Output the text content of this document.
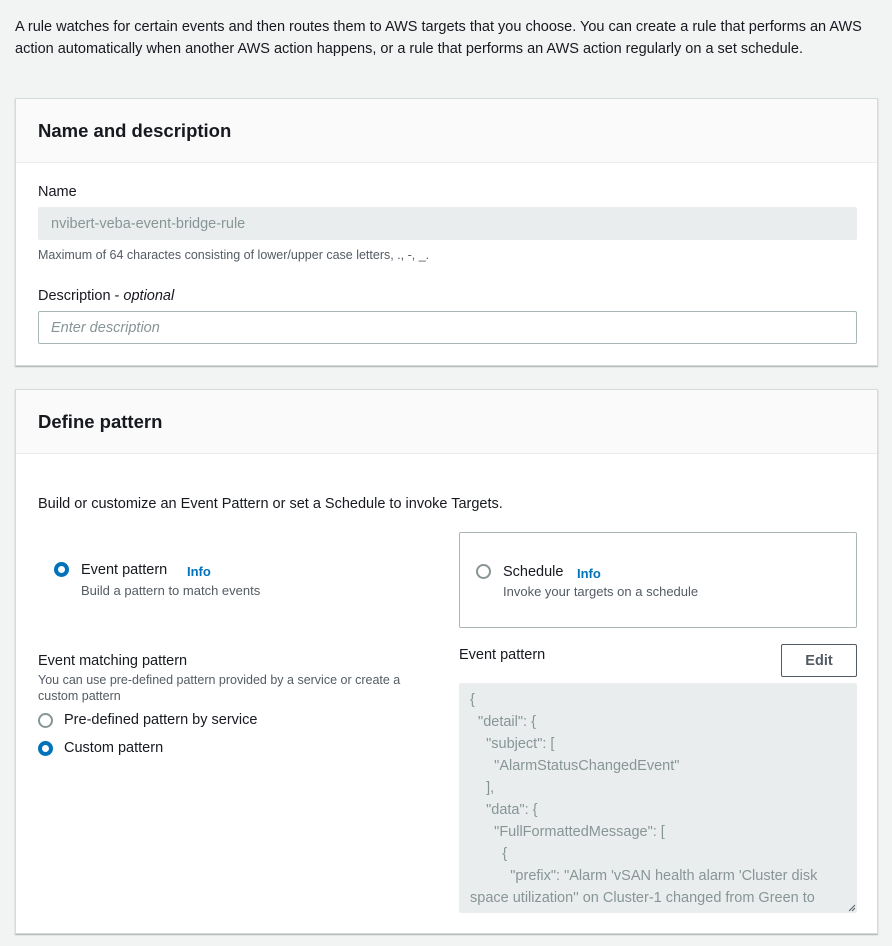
A rule watches for certain events and then routes them to AWS targets that you choose. You can create a rule that performs an AWS action automatically when another AWS action happens, or a rule that performs an AWS action regularly on a set schedule.

Name and description
Name
nvibert-veba-event-bridge-rule
Maximum of 64 charactes consisting of lower/upper case letters, ., -, _.
Description - optional
Enter description
Define pattern
Build or customize an Event Pattern or set a Schedule to invoke Targets.
Event pattern Info
Build a pattern to match events
Schedule Info
Invoke your targets on a schedule
Event matching pattern
You can use pre-defined pattern provided by a service or create a custom pattern
Pre-defined pattern by service
Custom pattern
Event pattern	Edit
{
"detail": {
"subject": [
"AlarmStatusChangedEvent"
],
"data": {
"FullFormattedMessage": [
{
"prefix": "Alarm 'vSAN health alarm 'Cluster disk
space utilization'' on Cluster-1 changed from Green to
